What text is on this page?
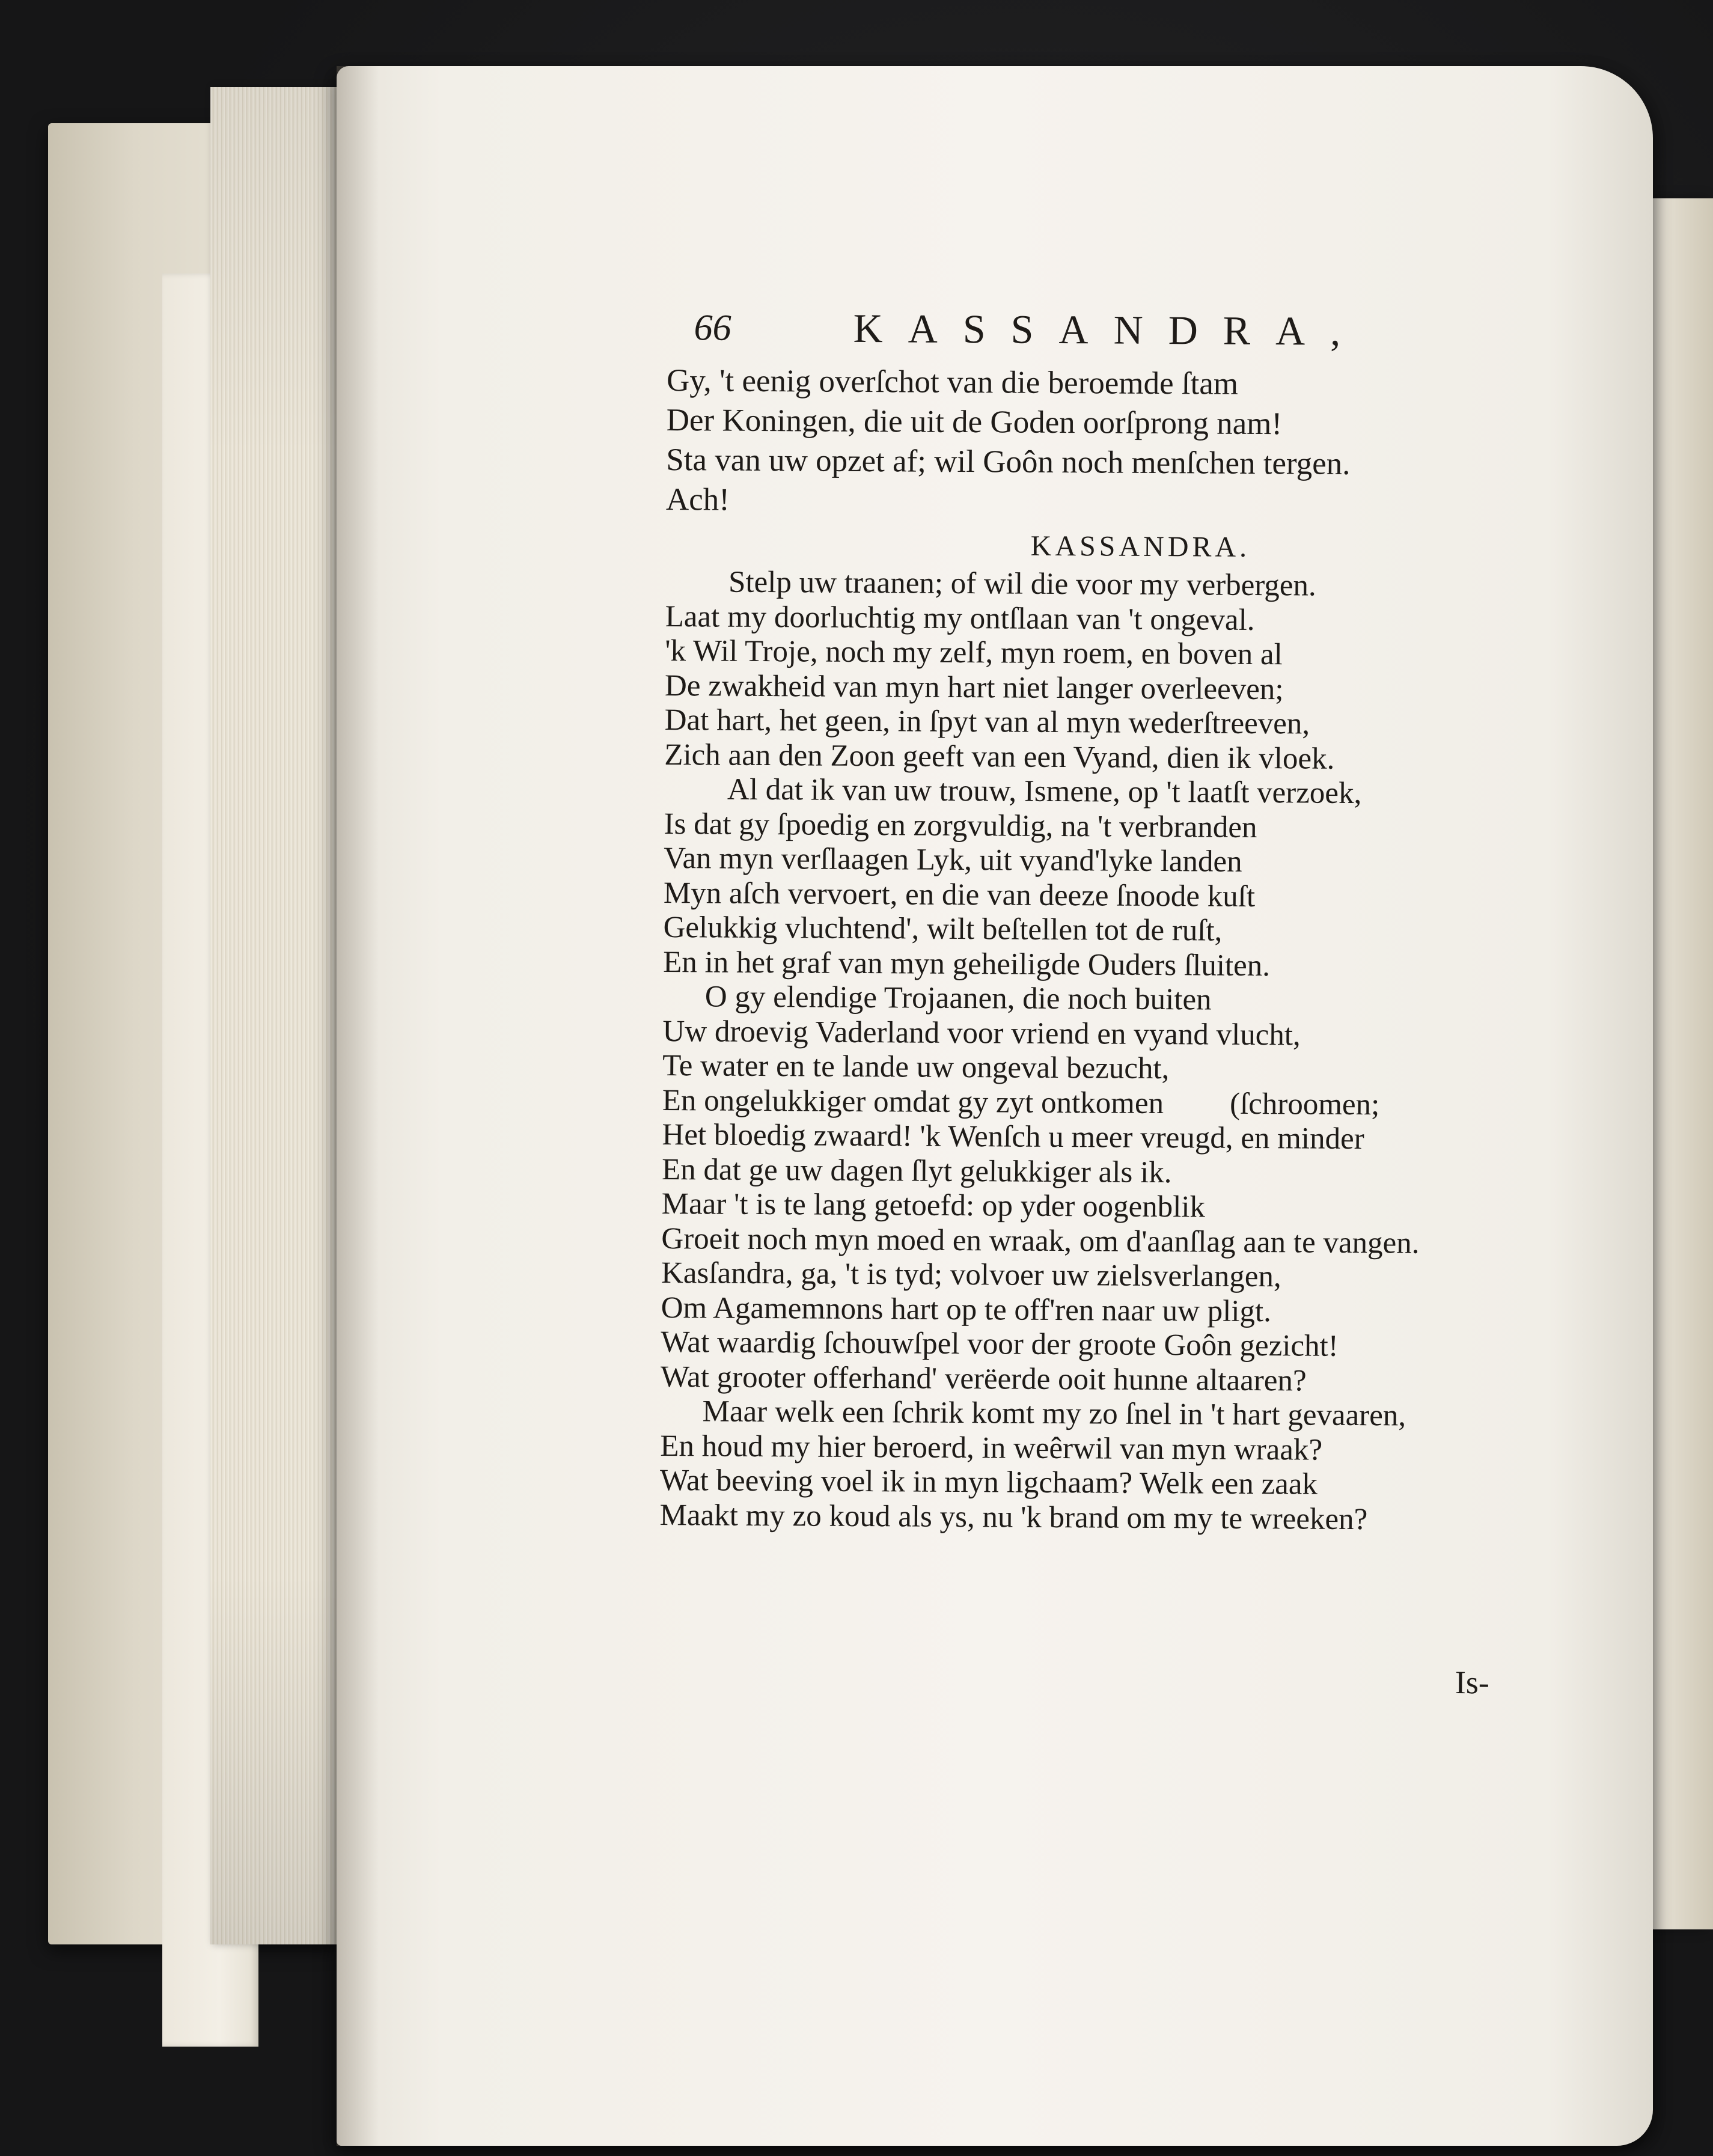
66	KASSANDRA,
Gy, 't eenig overſchot van die beroemde ſtam
Der Koningen, die uit de Goden oorſprong nam!
Sta van uw opzet af; wil Goôn noch menſchen tergen.
Ach!
KASSANDRA.
Stelp uw traanen; of wil die voor my verbergen.
Laat my doorluchtig my ontſlaan van 't ongeval.
'k Wil Troje, noch my zelf, myn roem, en boven al
De zwakheid van myn hart niet langer overleeven;
Dat hart, het geen, in ſpyt van al myn wederſtreeven,
Zich aan den Zoon geeft van een Vyand, dien ik vloek.
Al dat ik van uw trouw, Ismene, op 't laatſt verzoek,
Is dat gy ſpoedig en zorgvuldig, na 't verbranden
Van myn verſlaagen Lyk, uit vyand'lyke landen
Myn aſch vervoert, en die van deeze ſnoode kuſt
Gelukkig vluchtend', wilt beſtellen tot de ruſt,
En in het graf van myn geheiligde Ouders ſluiten.
O gy elendige Trojaanen, die noch buiten
Uw droevig Vaderland voor vriend en vyand vlucht,
Te water en te lande uw ongeval bezucht,
En ongelukkiger omdat gy zyt ontkomen (ſchroomen;
Het bloedig zwaard! 'k Wenſch u meer vreugd, en minder
En dat ge uw dagen ſlyt gelukkiger als ik.
Maar 't is te lang getoefd: op yder oogenblik
Groeit noch myn moed en wraak, om d'aanſlag aan te vangen.
Kasſandra, ga, 't is tyd; volvoer uw zielsverlangen,
Om Agamemnons hart op te off'ren naar uw pligt.
Wat waardig ſchouwſpel voor der groote Goôn gezicht!
Wat grooter offerhand' verëerde ooit hunne altaaren?
Maar welk een ſchrik komt my zo ſnel in 't hart gevaaren,
En houd my hier beroerd, in weêrwil van myn wraak?
Wat beeving voel ik in myn ligchaam? Welk een zaak
Maakt my zo koud als ys, nu 'k brand om my te wreeken?
Is-
